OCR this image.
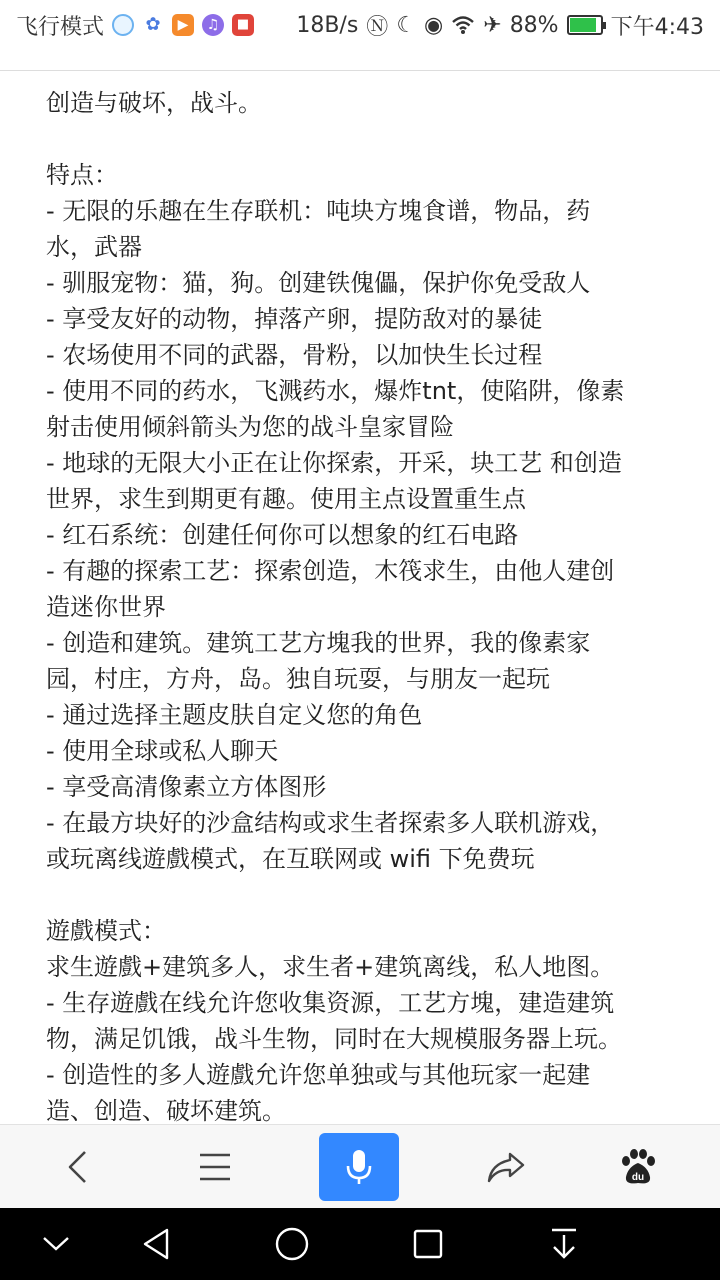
飞行模式 ✿	▶	♫	■ 18B/s Ⓝ ☾ ◉ ✈ 88% 下午4:43
创造与破坏，战斗。
特点：
- 无限的乐趣在生存联机：吨块方塊食谱，物品，药
水，武器
- 驯服宠物：猫，狗。创建铁傀儡，保护你免受敌人
- 享受友好的动物，掉落产卵，提防敌对的暴徒
- 农场使用不同的武器，骨粉，以加快生长过程
- 使用不同的药水，飞溅药水，爆炸tnt，使陷阱，像素
射击使用倾斜箭头为您的战斗皇家冒险
- 地球的无限大小正在让你探索，开采，块工艺 和创造
世界，求生到期更有趣。使用主点设置重生点
- 红石系统：创建任何你可以想象的红石电路
- 有趣的探索工艺：探索创造，木筏求生，由他人建创
造迷你世界
- 创造和建筑。建筑工艺方塊我的世界，我的像素家
园，村庄，方舟，岛。独自玩耍，与朋友一起玩
- 通过选择主题皮肤自定义您的角色
- 使用全球或私人聊天
- 享受高清像素立方体图形
- 在最方块好的沙盒结构或求生者探索多人联机游戏，
或玩离线遊戲模式，在互联网或 wifi 下免费玩
遊戲模式：
求生遊戲+建筑多人，求生者+建筑离线，私人地图。
- 生存遊戲在线允许您收集资源，工艺方塊，建造建筑
物，满足饥饿，战斗生物，同时在大规模服务器上玩。
- 创造性的多人遊戲允许您单独或与其他玩家一起建
造、创造、破坏建筑。
du
